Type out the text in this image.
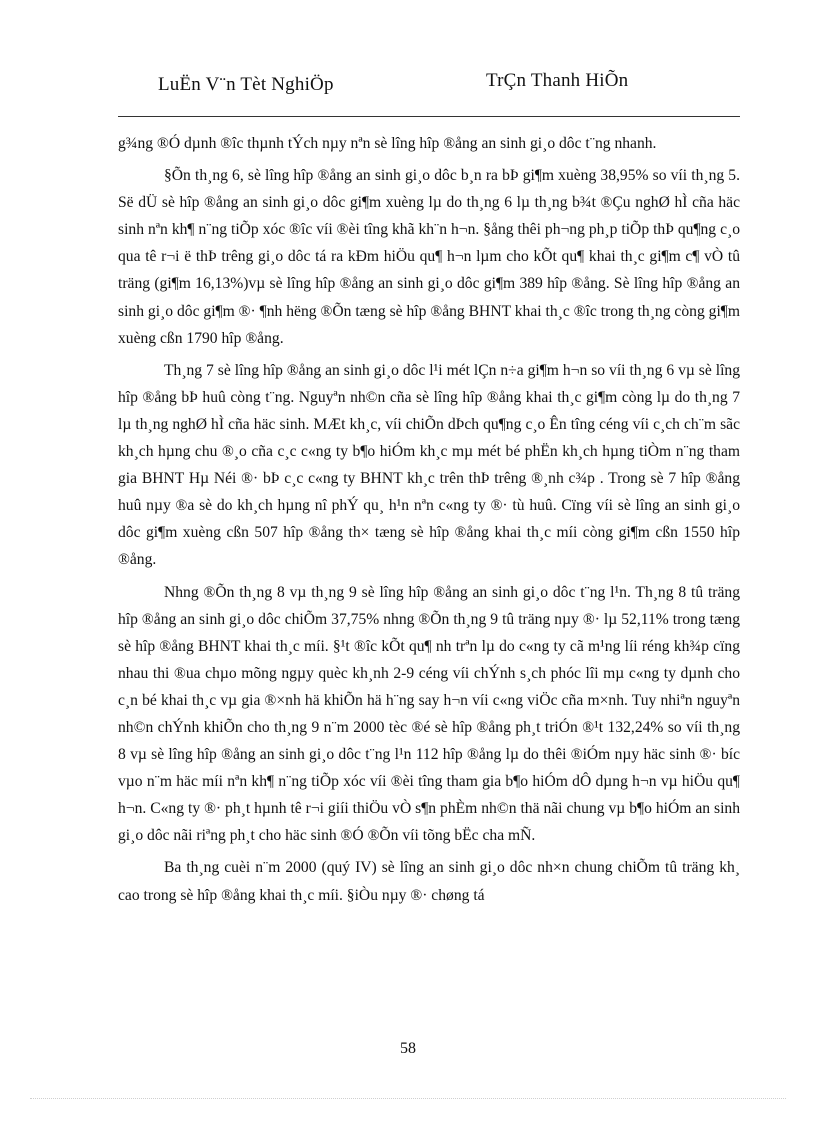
LuËn V¨n Tèt NghiÖp	TrÇn Thanh HiÕn

g¾ng ®Ó dµnh ®îc thµnh tÝch nµy nªn sè lîng hîp ®ång an sinh gi¸o dôc t¨ng nhanh.

§Õn th¸ng 6, sè lîng hîp ®ång an sinh gi¸o dôc b¸n ra bÞ gi¶m xuèng 38,95% so víi th¸ng 5. Së dÜ sè hîp ®ång an sinh gi¸o dôc gi¶m xuèng lµ do th¸ng 6 lµ th¸ng b¾t ®Çu nghØ hÌ cña häc sinh nªn kh¶ n¨ng tiÕp xóc ®îc víi ®èi tîng khã kh¨n h¬n. §ång thêi ph¬ng ph¸p tiÕp thÞ qu¶ng c¸o qua tê r¬i ë thÞ trêng gi¸o dôc tá ra kÐm hiÖu qu¶ h¬n lµm cho kÕt qu¶ khai th¸c gi¶m c¶ vÒ tû träng (gi¶m 16,13%)vµ sè lîng hîp ®ång an sinh gi¸o dôc gi¶m 389 hîp ®ång. Sè lîng hîp ®ång an sinh gi¸o dôc gi¶m ®· ¶nh hëng ®Õn tæng sè hîp ®ång BHNT khai th¸c ®îc trong th¸ng còng gi¶m xuèng cßn 1790 hîp ®ång.

Th¸ng 7 sè lîng hîp ®ång an sinh gi¸o dôc l¹i mét lÇn n÷a gi¶m h¬n so víi th¸ng 6 vµ sè lîng hîp ®ång bÞ huû còng t¨ng. Nguyªn nh©n cña sè lîng hîp ®ång khai th¸c gi¶m còng lµ do th¸ng 7 lµ th¸ng nghØ hÌ cña häc sinh. MÆt kh¸c, víi chiÕn dÞch qu¶ng c¸o Ên tîng céng víi c¸ch ch¨m sãc kh¸ch hµng chu ®¸o cña c¸c c«ng ty b¶o hiÓm kh¸c mµ mét bé phËn kh¸ch hµng tiÒm n¨ng tham gia BHNT Hµ Néi ®· bÞ c¸c c«ng ty BHNT kh¸c trên thÞ trêng ®¸nh c¾p . Trong sè 7 hîp ®ång huû nµy ®a sè do kh¸ch hµng nî phÝ qu¸ h¹n nªn c«ng ty ®· tù huû. Cïng víi sè lîng an sinh gi¸o dôc gi¶m xuèng cßn 507 hîp ®ång th× tæng sè hîp ®ång khai th¸c míi còng gi¶m cßn 1550 hîp ®ång.

Nhng ®Õn th¸ng 8 vµ th¸ng 9 sè lîng hîp ®ång an sinh gi¸o dôc t¨ng l¹n. Th¸ng 8 tû träng hîp ®ång an sinh gi¸o dôc chiÕm 37,75% nhng ®Õn th¸ng 9 tû träng nµy ®· lµ 52,11% trong tæng sè hîp ®ång BHNT khai th¸c míi. §¹t ®îc kÕt qu¶ nh trªn lµ do c«ng ty cã m¹ng líi réng kh¾p cïng nhau thi ®ua chµo mõng ngµy quèc kh¸nh 2-9 céng víi chÝnh s¸ch phóc lîi mµ c«ng ty dµnh cho c¸n bé khai th¸c vµ gia ®×nh hä khiÕn hä h¨ng say h¬n víi c«ng viÖc cña m×nh. Tuy nhiªn nguyªn nh©n chÝnh khiÕn cho th¸ng 9 n¨m 2000 tèc ®é sè hîp ®ång ph¸t triÓn ®¹t 132,24% so víi th¸ng 8 vµ sè lîng hîp ®ång an sinh gi¸o dôc t¨ng l¹n 112 hîp ®ång lµ do thêi ®iÓm nµy häc sinh ®· bíc vµo n¨m häc míi nªn kh¶ n¨ng tiÕp xóc víi ®èi tîng tham gia b¶o hiÓm dÔ dµng h¬n vµ hiÖu qu¶ h¬n. C«ng ty ®· ph¸t hµnh tê r¬i giíi thiÖu vÒ s¶n phÈm nh©n thä nãi chung vµ b¶o hiÓm an sinh gi¸o dôc nãi riªng ph¸t cho häc sinh ®Ó ®Õn víi tõng bËc cha mÑ.

Ba th¸ng cuèi n¨m 2000 (quý IV) sè lîng an sinh gi¸o dôc nh×n chung chiÕm tû träng kh¸ cao trong sè hîp ®ång khai th¸c míi. §iÒu nµy ®· chøng tá

58
